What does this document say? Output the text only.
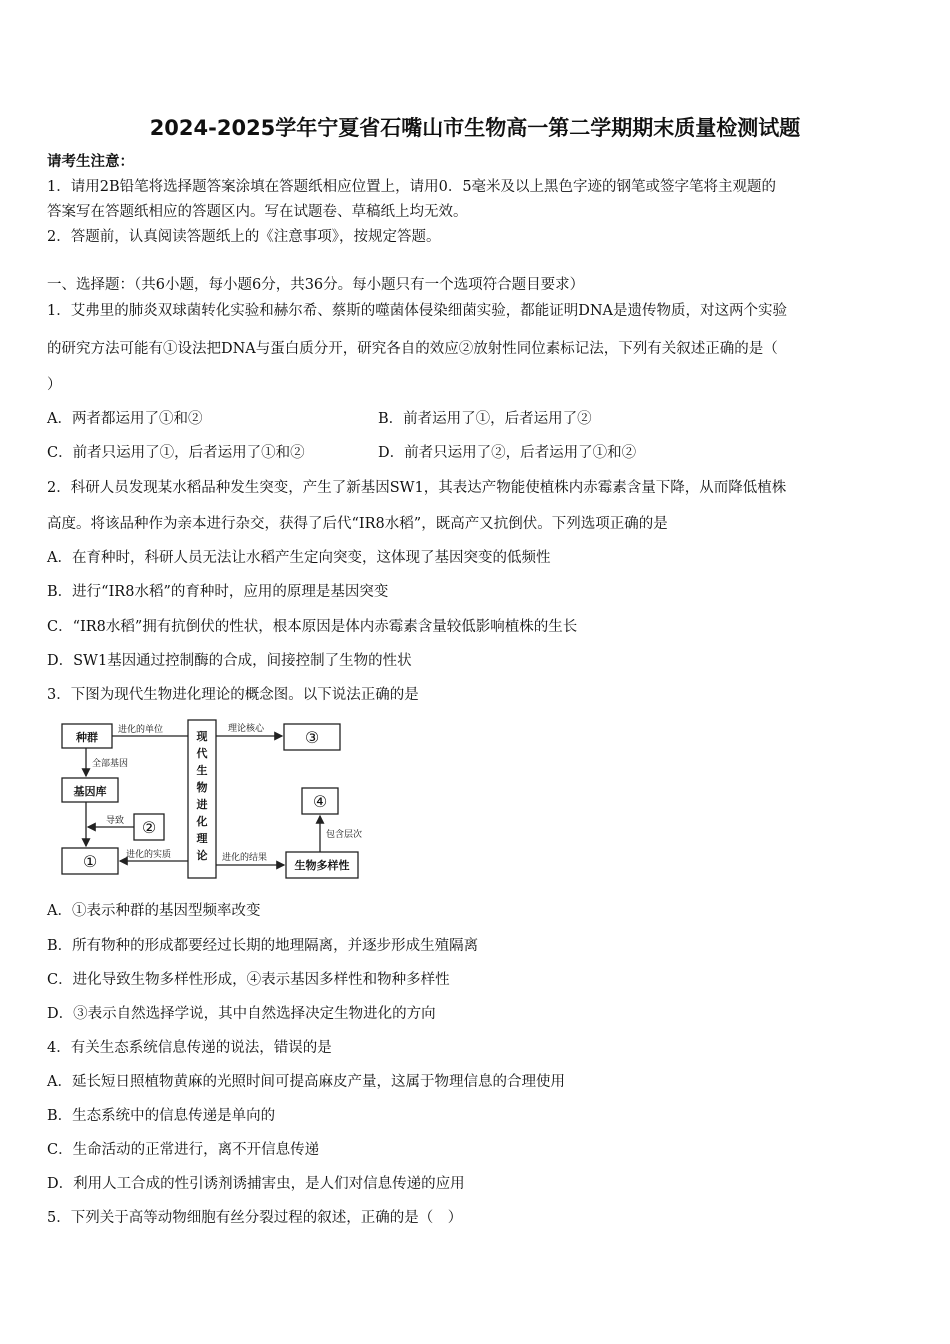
2024-2025学年宁夏省石嘴山市生物高一第二学期期末质量检测试题
请考生注意：
1．请用2B铅笔将选择题答案涂填在答题纸相应位置上，请用0．5毫米及以上黑色字迹的钢笔或签字笔将主观题的
答案写在答题纸相应的答题区内。写在试题卷、草稿纸上均无效。
2．答题前，认真阅读答题纸上的《注意事项》，按规定答题。
一、选择题：（共6小题，每小题6分，共36分。每小题只有一个选项符合题目要求）
1．艾弗里的肺炎双球菌转化实验和赫尔希、蔡斯的噬菌体侵染细菌实验，都能证明DNA是遗传物质，对这两个实验
的研究方法可能有①设法把DNA与蛋白质分开，研究各自的效应②放射性同位素标记法，下列有关叙述正确的是（
）
A．两者都运用了①和②	B．前者运用了①，后者运用了②
C．前者只运用了①，后者运用了①和②	D．前者只运用了②，后者运用了①和②
2．科研人员发现某水稻品种发生突变，产生了新基因SW1，其表达产物能使植株内赤霉素含量下降，从而降低植株
高度。将该品种作为亲本进行杂交，获得了后代“IR8水稻”，既高产又抗倒伏。下列选项正确的是
A．在育种时，科研人员无法让水稻产生定向突变，这体现了基因突变的低频性
B．进行“IR8水稻”的育种时，应用的原理是基因突变
C．“IR8水稻”拥有抗倒伏的性状，根本原因是体内赤霉素含量较低影响植株的生长
D．SW1基因通过控制酶的合成，间接控制了生物的性状
3．下图为现代生物进化理论的概念图。以下说法正确的是
种群
基因库
①
②
③
④
生物多样性
现
代
生
物
进
化
理
论
进化的单位
全部基因
导致
进化的实质
理论核心
进化的结果
包含层次
A．①表示种群的基因型频率改变
B．所有物种的形成都要经过长期的地理隔离，并逐步形成生殖隔离
C．进化导致生物多样性形成，④表示基因多样性和物种多样性
D．③表示自然选择学说，其中自然选择决定生物进化的方向
4．有关生态系统信息传递的说法，错误的是
A．延长短日照植物黄麻的光照时间可提高麻皮产量，这属于物理信息的合理使用
B．生态系统中的信息传递是单向的
C．生命活动的正常进行，离不开信息传递
D．利用人工合成的性引诱剂诱捕害虫，是人们对信息传递的应用
5．下列关于高等动物细胞有丝分裂过程的叙述，正确的是（　）
